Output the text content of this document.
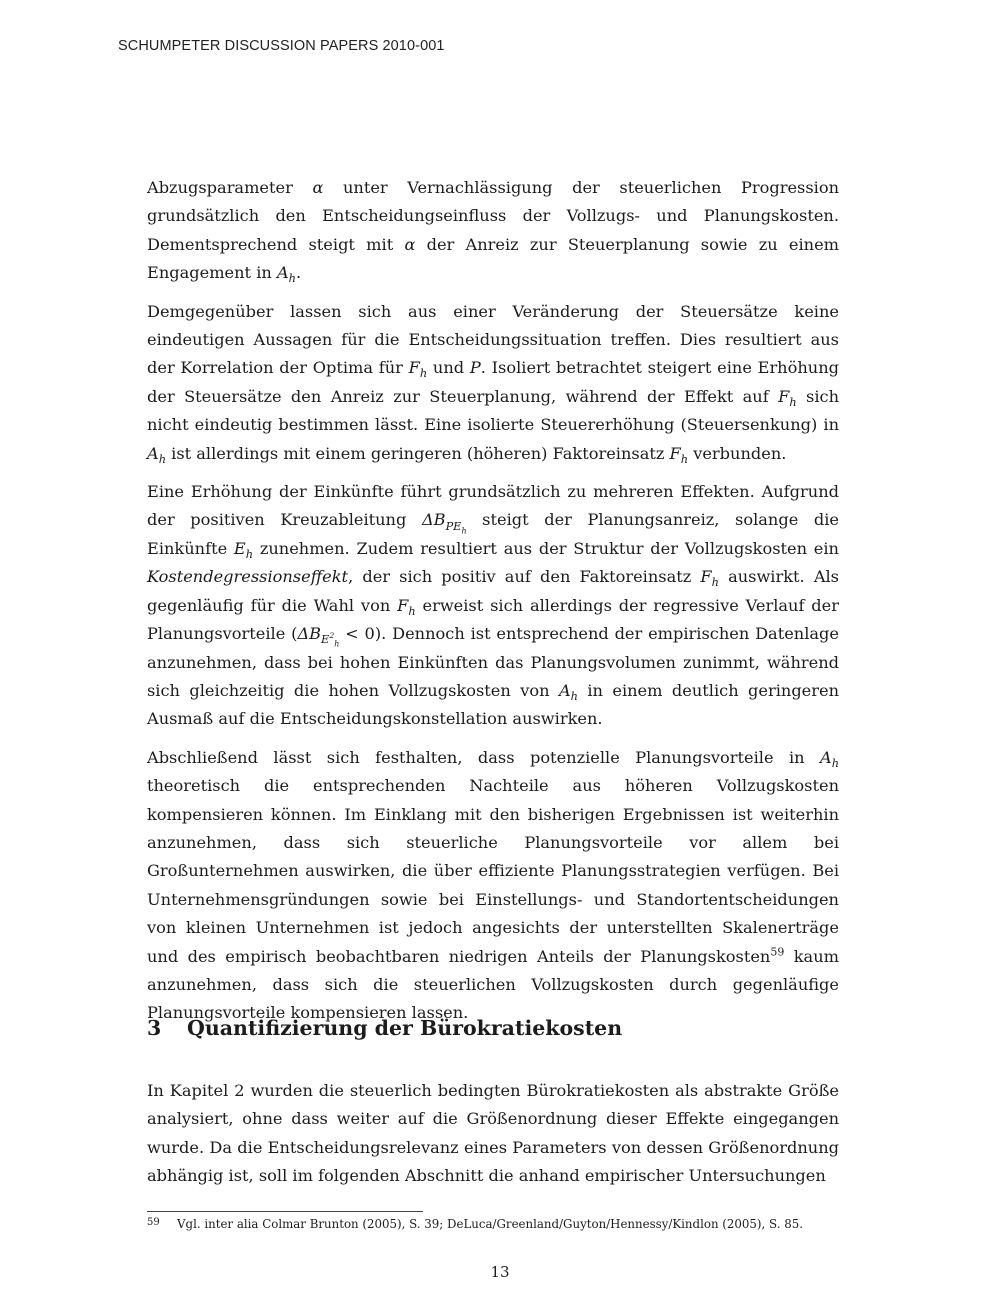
SCHUMPETER DISCUSSION PAPERS 2010-001

Abzugsparameter α unter Vernachlässigung der steuerlichen Progression grundsätzlich den Entscheidungseinfluss der Vollzugs- und Planungskosten. Dementsprechend steigt mit α der Anreiz zur Steuerplanung sowie zu einem Engagement in $A_h$.

Demgegenüber lassen sich aus einer Veränderung der Steuersätze keine eindeutigen Aussagen für die Entscheidungssituation treffen. Dies resultiert aus der Korrelation der Optima für $F_h$ und P. Isoliert betrachtet steigert eine Erhöhung der Steuersätze den Anreiz zur Steuerplanung, während der Effekt auf $F_h$ sich nicht eindeutig bestimmen lässt. Eine isolierte Steuererhöhung (Steuersenkung) in $A_h$ ist allerdings mit einem geringeren (höheren) Faktoreinsatz $F_h$ verbunden.

Eine Erhöhung der Einkünfte führt grundsätzlich zu mehreren Effekten. Aufgrund der positiven Kreuzableitung $\Delta B_{PE_h}$ steigt der Planungsanreiz, solange die Einkünfte $E_h$ zunehmen. Zudem resultiert aus der Struktur der Vollzugskosten ein Kostendegressionseffekt, der sich positiv auf den Faktoreinsatz $F_h$ auswirkt. Als gegenläufig für die Wahl von $F_h$ erweist sich allerdings der regressive Verlauf der Planungsvorteile $(\Delta B_{E^2_h} < 0)$. Dennoch ist entsprechend der empirischen Datenlage anzunehmen, dass bei hohen Einkünften das Planungsvolumen zunimmt, während sich gleichzeitig die hohen Vollzugskosten von $A_h$ in einem deutlich geringeren Ausmaß auf die Entscheidungskonstellation auswirken.

Abschließend lässt sich festhalten, dass potenzielle Planungsvorteile in $A_h$ theoretisch die entsprechenden Nachteile aus höheren Vollzugskosten kompensieren können. Im Einklang mit den bisherigen Ergebnissen ist weiterhin anzunehmen, dass sich steuerliche Planungsvorteile vor allem bei Großunternehmen auswirken, die über effiziente Planungsstrategien verfügen. Bei Unternehmensgründungen sowie bei Einstellungs- und Standortentscheidungen von kleinen Unternehmen ist jedoch angesichts der unterstellten Skalenerträge und des empirisch beobachtbaren niedrigen Anteils der Planungskosten$^{59}$ kaum anzunehmen, dass sich die steuerlichen Vollzugskosten durch gegenläufige Planungsvorteile kompensieren lassen.

3 Quantifizierung der Bürokratiekosten

In Kapitel 2 wurden die steuerlich bedingten Bürokratiekosten als abstrakte Größe analysiert, ohne dass weiter auf die Größenordnung dieser Effekte eingegangen wurde. Da die Entscheidungsrelevanz eines Parameters von dessen Größenordnung abhängig ist, soll im folgenden Abschnitt die anhand empirischer Untersuchungen

59 Vgl. inter alia Colmar Brunton (2005), S. 39; DeLuca/Greenland/Guyton/Hennessy/Kindlon (2005), S. 85.
13
